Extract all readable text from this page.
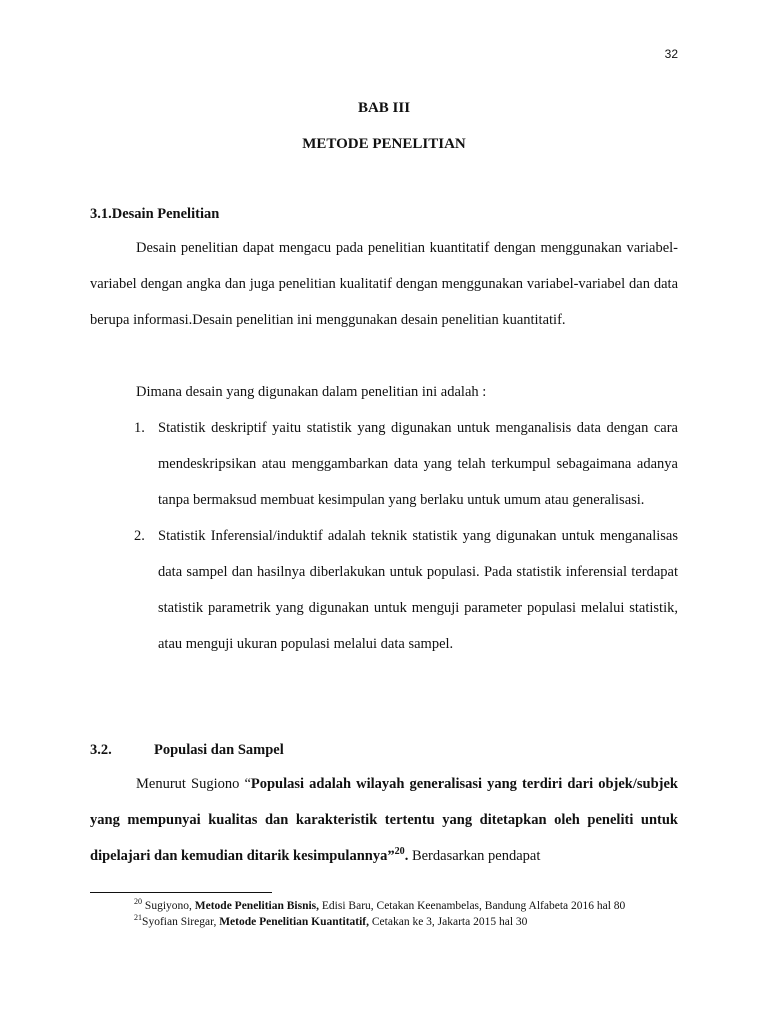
32
BAB III
METODE PENELITIAN
3.1.Desain Penelitian
Desain penelitian dapat mengacu pada penelitian kuantitatif dengan menggunakan variabel-variabel dengan angka dan juga penelitian kualitatif dengan menggunakan variabel-variabel dan data berupa informasi.Desain penelitian ini menggunakan desain penelitian kuantitatif.
Dimana desain yang digunakan dalam penelitian ini adalah :
1. Statistik deskriptif yaitu statistik yang digunakan untuk menganalisis data dengan cara mendeskripsikan atau menggambarkan data yang telah terkumpul sebagaimana adanya tanpa bermaksud membuat kesimpulan yang berlaku untuk umum atau generalisasi.
2. Statistik Inferensial/induktif adalah teknik statistik yang digunakan untuk menganalisas data sampel dan hasilnya diberlakukan untuk populasi. Pada statistik inferensial terdapat statistik parametrik yang digunakan untuk menguji parameter populasi melalui statistik, atau menguji ukuran populasi melalui data sampel.
3.2.	Populasi dan Sampel
Menurut Sugiono “Populasi adalah wilayah generalisasi yang terdiri dari objek/subjek yang mempunyai kualitas dan karakteristik tertentu yang ditetapkan oleh peneliti untuk dipelajari dan kemudian ditarik kesimpulannya”$^{20}$. Berdasarkan pendapat
$^{20}$ Sugiyono, Metode Penelitian Bisnis, Edisi Baru, Cetakan Keenambelas, Bandung Alfabeta 2016 hal 80
$^{21}$Syofian Siregar, Metode Penelitian Kuantitatif, Cetakan ke 3, Jakarta 2015 hal 30
